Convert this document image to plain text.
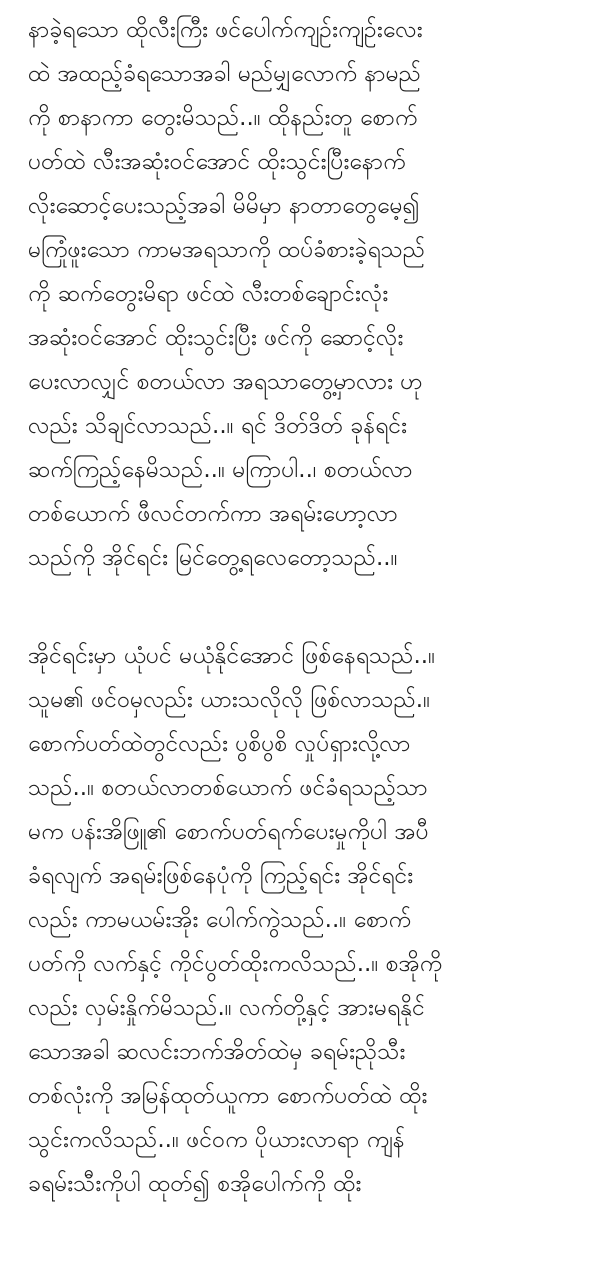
နာခဲ့ရသော ထိုလီးကြီး ဖင်ပေါက်ကျဉ်းကျဉ်းလေး
ထဲ အထည့်ခံရသောအခါ မည်မျှလောက် နာမည်
ကို စာနာကာ တွေးမိသည်..။ ထိုနည်းတူ စောက်
ပတ်ထဲ လီးအဆုံးဝင်အောင် ထိုးသွင်းပြီးနောက်
လိုးဆောင့်ပေးသည့်အခါ မိမိမှာ နာတာတွေမေ့၍
မကြုံဖူးသော ကာမအရသာကို ထပ်ခံစားခဲ့ရသည်
ကို ဆက်တွေးမိရာ ဖင်ထဲ လီးတစ်ချောင်းလုံး
အဆုံးဝင်အောင် ထိုးသွင်းပြီး ဖင်ကို ဆောင့်လိုး
ပေးလာလျှင် စတယ်လာ အရသာတွေ့မှာလား ဟု
လည်း သိချင်လာသည်..။ ရင် ဒိတ်ဒိတ် ခုန်ရင်း
ဆက်ကြည့်နေမိသည်..။ မကြာပါ..၊ စတယ်လာ
တစ်ယောက် ဖီလင်တက်ကာ အရမ်းဟော့လာ
သည်ကို အိုင်ရင်း မြင်တွေ့ရလေတော့သည်..။
အိုင်ရင်းမှာ ယုံပင် မယုံနိုင်အောင် ဖြစ်နေရသည်..။
သူမ၏ ဖင်ဝမှလည်း ယားသလိုလို ဖြစ်လာသည်.။
စောက်ပတ်ထဲတွင်လည်း ပွစိပွစိ လှုပ်ရှားလို့လာ
သည်..။ စတယ်လာတစ်ယောက် ဖင်ခံရသည့်သာ
မက ပန်းအိဖြူ၏ စောက်ပတ်ရက်ပေးမှုကိုပါ အပီ
ခံရလျက် အရမ်းဖြစ်နေပုံကို ကြည့်ရင်း အိုင်ရင်း
လည်း ကာမယမ်းအိုး ပေါက်ကွဲသည်..။ စောက်
ပတ်ကို လက်နှင့် ကိုင်ပွတ်ထိုးကလိသည်..။ စအိုကို
လည်း လှမ်းနှိုက်မိသည်.။ လက်တို့နှင့် အားမရနိုင်
သောအခါ ဆလင်းဘက်အိတ်ထဲမှ ခရမ်းညိုသီး
တစ်လုံးကို အမြန်ထုတ်ယူကာ စောက်ပတ်ထဲ ထိုး
သွင်းကလိသည်..။ ဖင်ဝက ပိုယားလာရာ ကျန်
ခရမ်းသီးကိုပါ ထုတ်၍ စအိုပေါက်ကို ထိုး
